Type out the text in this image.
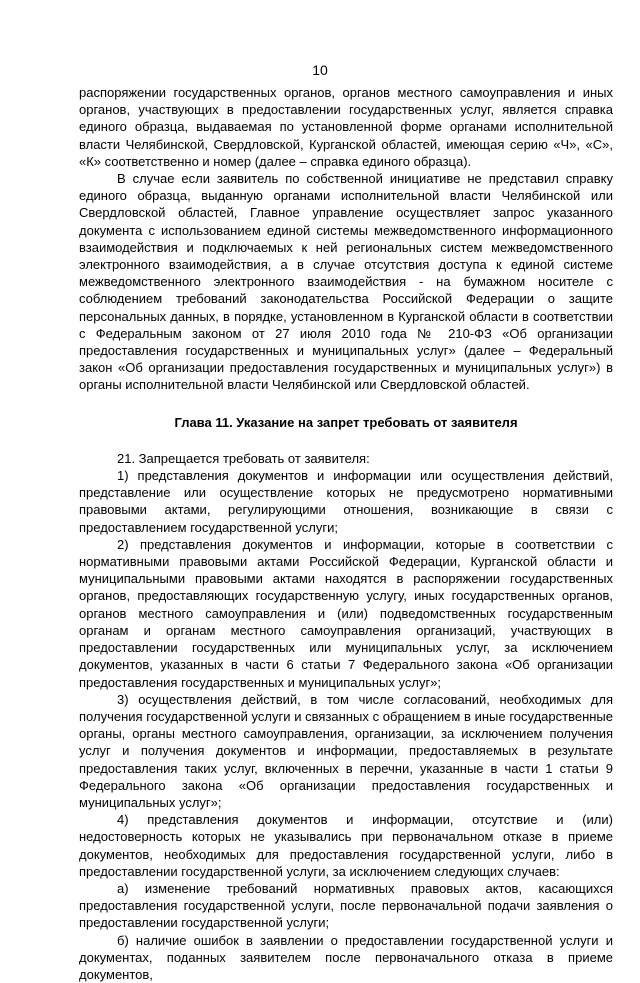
10

распоряжении государственных органов, органов местного самоуправления и иных органов, участвующих в предоставлении государственных услуг, является справка единого образца, выдаваемая по установленной форме органами исполнительной власти Челябинской, Свердловской, Курганской областей, имеющая серию «Ч», «С», «К» соответственно и номер (далее – справка единого образца).

В случае если заявитель по собственной инициативе не представил справку единого образца, выданную органами исполнительной власти Челябинской или Свердловской областей, Главное управление осуществляет запрос указанного документа с использованием единой системы межведомственного информационного взаимодействия и подключаемых к ней региональных систем межведомственного электронного взаимодействия, а в случае отсутствия доступа к единой системе межведомственного электронного взаимодействия - на бумажном носителе с соблюдением требований законодательства Российской Федерации о защите персональных данных, в порядке, установленном в Курганской области в соответствии с Федеральным законом от 27 июля 2010 года № 210-ФЗ «Об организации предоставления государственных и муниципальных услуг» (далее – Федеральный закон «Об организации предоставления государственных и муниципальных услуг») в органы исполнительной власти Челябинской или Свердловской областей.

Глава 11. Указание на запрет требовать от заявителя

21. Запрещается требовать от заявителя:

1) представления документов и информации или осуществления действий, представление или осуществление которых не предусмотрено нормативными правовыми актами, регулирующими отношения, возникающие в связи с предоставлением государственной услуги;

2) представления документов и информации, которые в соответствии с нормативными правовыми актами Российской Федерации, Курганской области и муниципальными правовыми актами находятся в распоряжении государственных органов, предоставляющих государственную услугу, иных государственных органов, органов местного самоуправления и (или) подведомственных государственным органам и органам местного самоуправления организаций, участвующих в предоставлении государственных или муниципальных услуг, за исключением документов, указанных в части 6 статьи 7 Федерального закона «Об организации предоставления государственных и муниципальных услуг»;

3) осуществления действий, в том числе согласований, необходимых для получения государственной услуги и связанных с обращением в иные государственные органы, органы местного самоуправления, организации, за исключением получения услуг и получения документов и информации, предоставляемых в результате предоставления таких услуг, включенных в перечни, указанные в части 1 статьи 9 Федерального закона «Об организации предоставления государственных и муниципальных услуг»;

4) представления документов и информации, отсутствие и (или) недостоверность которых не указывались при первоначальном отказе в приеме документов, необходимых для предоставления государственной услуги, либо в предоставлении государственной услуги, за исключением следующих случаев:

а) изменение требований нормативных правовых актов, касающихся предоставления государственной услуги, после первоначальной подачи заявления о предоставлении государственной услуги;

б) наличие ошибок в заявлении о предоставлении государственной услуги и документах, поданных заявителем после первоначального отказа в приеме документов,
